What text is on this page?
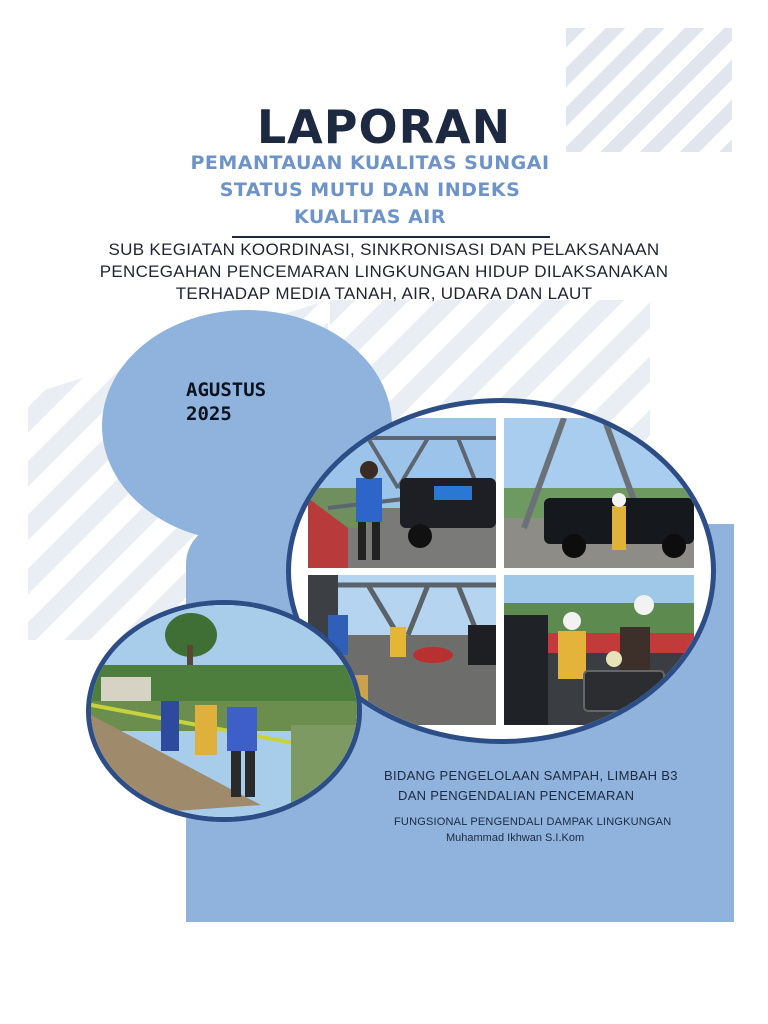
LAPORAN
PEMANTAUAN KUALITAS SUNGAI
STATUS MUTU DAN INDEKS
KUALITAS AIR
SUB KEGIATAN KOORDINASI, SINKRONISASI DAN PELAKSANAAN
PENCEGAHAN PENCEMARAN LINGKUNGAN HIDUP DILAKSANAKAN
TERHADAP MEDIA TANAH, AIR, UDARA DAN LAUT
AGUSTUS
2025
BIDANG PENGELOLAAN SAMPAH, LIMBAH B3
DAN PENGENDALIAN PENCEMARAN
FUNGSIONAL PENGENDALI DAMPAK LINGKUNGAN
Muhammad Ikhwan S.I.Kom
